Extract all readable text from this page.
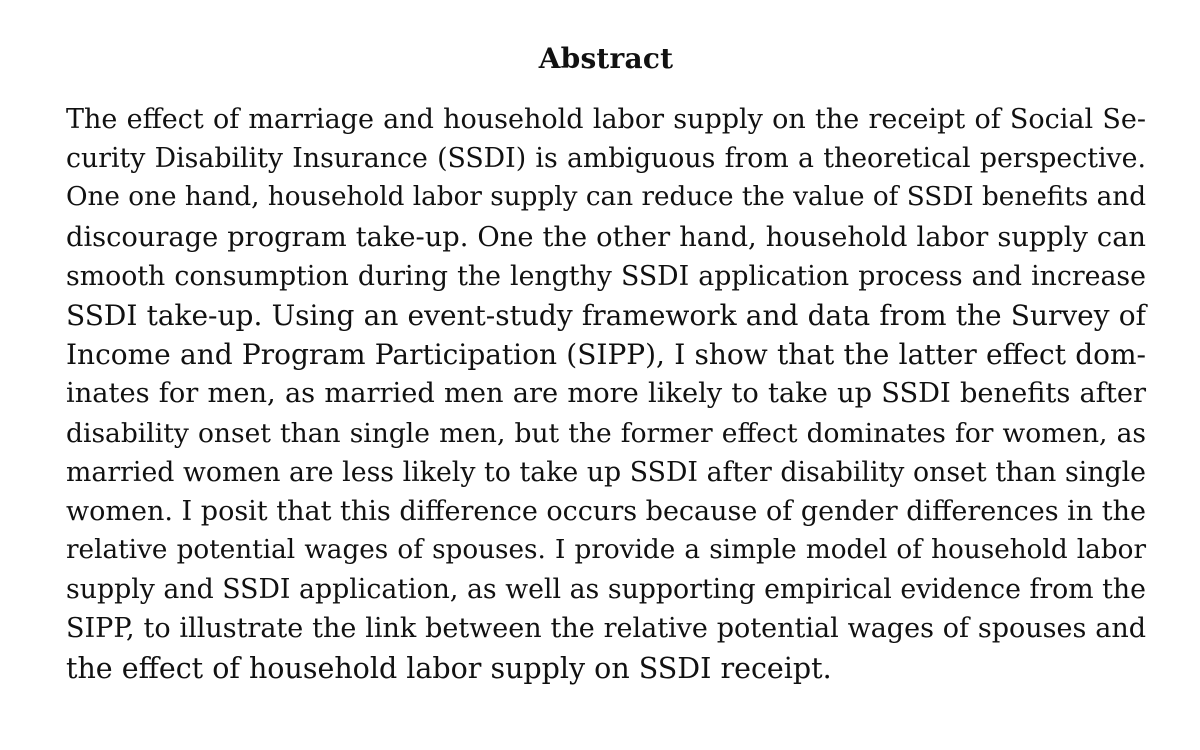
Abstract
The effect of marriage and household labor supply on the receipt of Social Se-
curity Disability Insurance (SSDI) is ambiguous from a theoretical perspective.
One one hand, household labor supply can reduce the value of SSDI benefits and
discourage program take-up. One the other hand, household labor supply can
smooth consumption during the lengthy SSDI application process and increase
SSDI take-up. Using an event-study framework and data from the Survey of
Income and Program Participation (SIPP), I show that the latter effect dom-
inates for men, as married men are more likely to take up SSDI benefits after
disability onset than single men, but the former effect dominates for women, as
married women are less likely to take up SSDI after disability onset than single
women. I posit that this difference occurs because of gender differences in the
relative potential wages of spouses. I provide a simple model of household labor
supply and SSDI application, as well as supporting empirical evidence from the
SIPP, to illustrate the link between the relative potential wages of spouses and
the effect of household labor supply on SSDI receipt.
